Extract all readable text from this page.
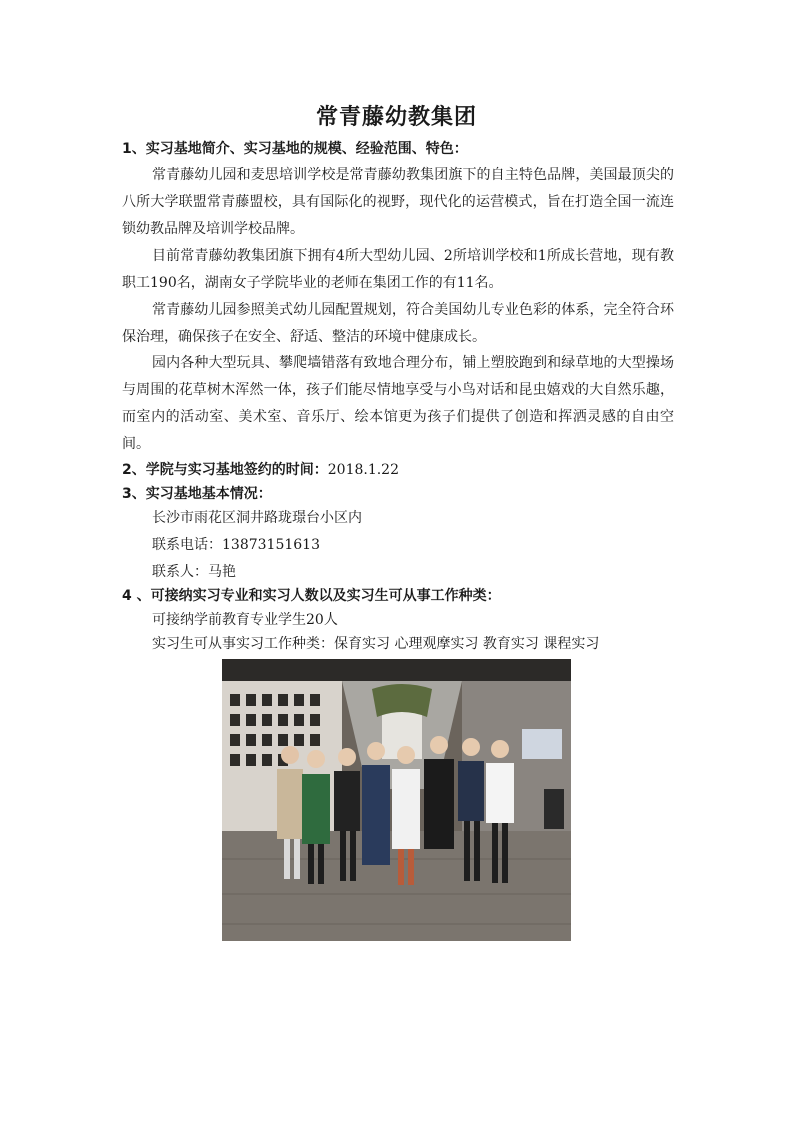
常青藤幼教集团
1、实习基地简介、实习基地的规模、经验范围、特色：
常青藤幼儿园和麦思培训学校是常青藤幼教集团旗下的自主特色品牌，美国最顶尖的八所大学联盟常青藤盟校，具有国际化的视野，现代化的运营模式，旨在打造全国一流连锁幼教品牌及培训学校品牌。
目前常青藤幼教集团旗下拥有4所大型幼儿园、2所培训学校和1所成长营地，现有教职工190名，湖南女子学院毕业的老师在集团工作的有11名。
常青藤幼儿园参照美式幼儿园配置规划，符合美国幼儿专业色彩的体系，完全符合环保治理，确保孩子在安全、舒适、整洁的环境中健康成长。
园内各种大型玩具、攀爬墙错落有致地合理分布，铺上塑胶跑到和绿草地的大型操场与周围的花草树木浑然一体，孩子们能尽情地享受与小鸟对话和昆虫嬉戏的大自然乐趣，而室内的活动室、美术室、音乐厅、绘本馆更为孩子们提供了创造和挥洒灵感的自由空间。
2、学院与实习基地签约的时间：2018.1.22
3、实习基地基本情况：
长沙市雨花区洞井路珑璟台小区内
联系电话：13873151613
联系人：马艳
4 、可接纳实习专业和实习人数以及实习生可从事工作种类：
可接纳学前教育专业学生20人
实习生可从事实习工作种类：保育实习 心理观摩实习 教育实习 课程实习
